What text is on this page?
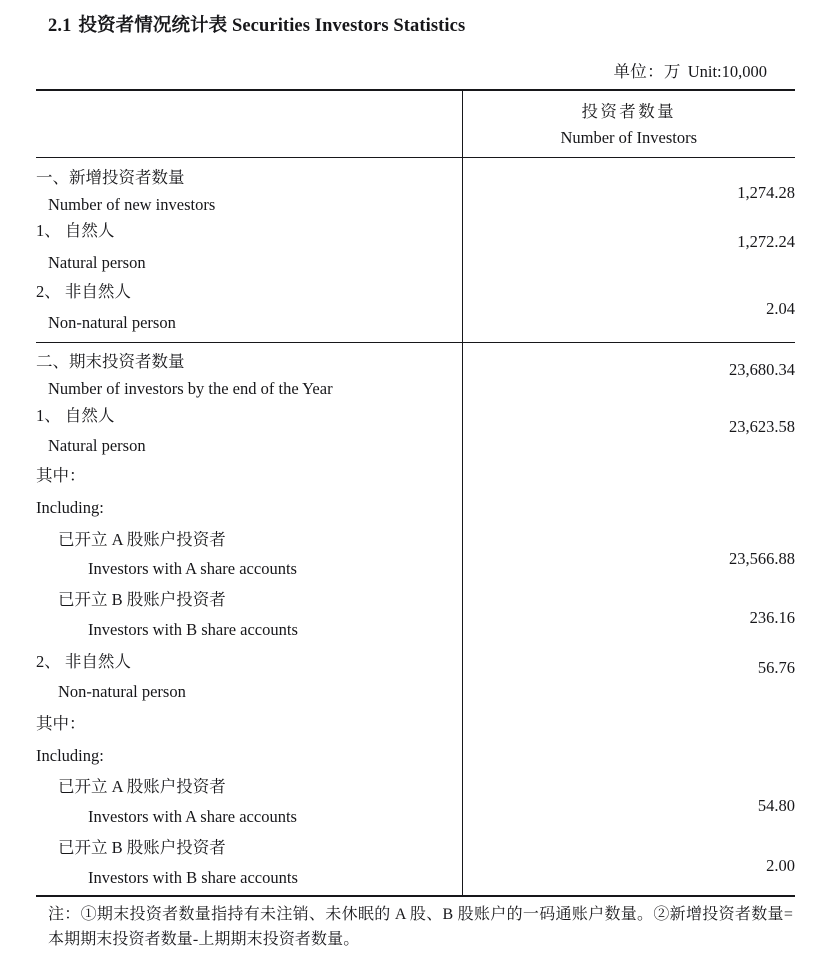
2.1 投资者情况统计表 Securities Investors Statistics

单位：万 Unit:10,000

	投资者数量
Number of Investors

一、新增投资者数量
Number of new investors	1,274.28

1、 自然人
Natural person	1,272.24

2、 非自然人
Non-natural person	2.04

二、期末投资者数量
Number of investors by the end of the Year	23,680.34

1、 自然人
Natural person	23,623.58

其中：
Including:	

已开立 A 股账户投资者
Investors with A share accounts	23,566.88

已开立 B 股账户投资者
Investors with B share accounts	236.16

2、 非自然人
Non-natural person	56.76

其中：
Including:	

已开立 A 股账户投资者
Investors with A share accounts	54.80

已开立 B 股账户投资者
Investors with B share accounts	2.00

注：①期末投资者数量指持有未注销、未休眠的 A 股、B 股账户的一码通账户数量。②新增投资者数量=本期期末投资者数量-上期期末投资者数量。
